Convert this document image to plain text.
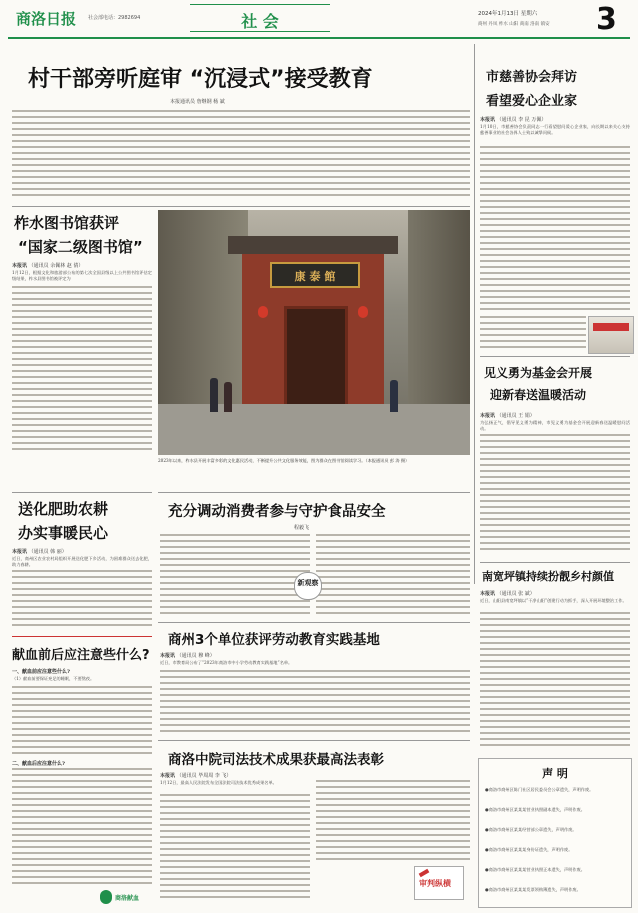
商洛日报 社会部电话：2982694	社 会	2024年1月13日 星期六
商州 丹凤 柞水 山阳 商南 洛南 镇安 3
村干部旁听庭审 “沉浸式”接受教育
本报通讯员 詹继钢 杨 斌
柞水图书馆获评
“国家二级图书馆”
本报讯 （通讯员 余佩林 赵 倩）
1月12日，根据文化和旅游部公布的第七次全国县级以上公共图书馆评估定级结果，柞水县图书馆被评定为	康 泰 館
2023年以来，柞水县开展丰富多彩的文化惠民活动，不断提升公共文化服务效能，图为群众在图书馆阅读学习。（本报通讯员 彭 涛 摄）
市慈善协会拜访
看望爱心企业家
本报讯 （通讯员 李 昆 万佩）
1月10日，市慈善协会负责同志一行看望慰问爱心企业家，向长期以来关心支持慈善事业的社会各界人士致以诚挚问候。
送化肥助农耕
办实事暖民心
本报讯 （通讯员 韩 丽）
近日，商州区农业农村局组织开展送化肥下乡活动，为困难群众送去化肥，助力春耕。
充分调动消费者参与守护食品安全
程毅飞
新观察
见义勇为基金会开展
迎新春送温暖活动
本报讯 （通讯员 王 娟）
为弘扬正气，倡导见义勇为精神，市见义勇为基金会开展迎新春送温暖慰问活动。
献血前后应注意些什么?
一、献血前应注意些什么?
（1）献血前要保证充足的睡眠，不要熬夜。
二、献血后应注意什么?
商洛献血
商州3个单位获评劳动教育实践基地
本报讯 （通讯员 穆 峰）
近日，市教育局公布了“2023年商洛市中小学劳动教育实践基地”名单。
南宽坪镇持续扮靓乡村颜值
本报讯 （通讯员 张 斌）
近日，山阳县南宽坪镇以“干净山阳”创建行动为抓手，深入开展环境整治工作。
商洛中院司法技术成果获最高法表彰
本报讯 （通讯员 毕周周 李 飞）
1月12日，最高人民法院发布全国法院司法技术优秀成果名单。
审判纵横
声 明
●商洛市商州区陈门社区居民委员会公章遗失，声明作废。
●商洛市商州区某某某营业执照副本遗失，声明作废。
●商洛市商州区某某经营部公章遗失，声明作废。
●商洛市商州区某某某身份证遗失，声明作废。
●商洛市商州区某某某营业执照正本遗失，声明作废。
●商洛市商州区某某某发票领购簿遗失，声明作废。
